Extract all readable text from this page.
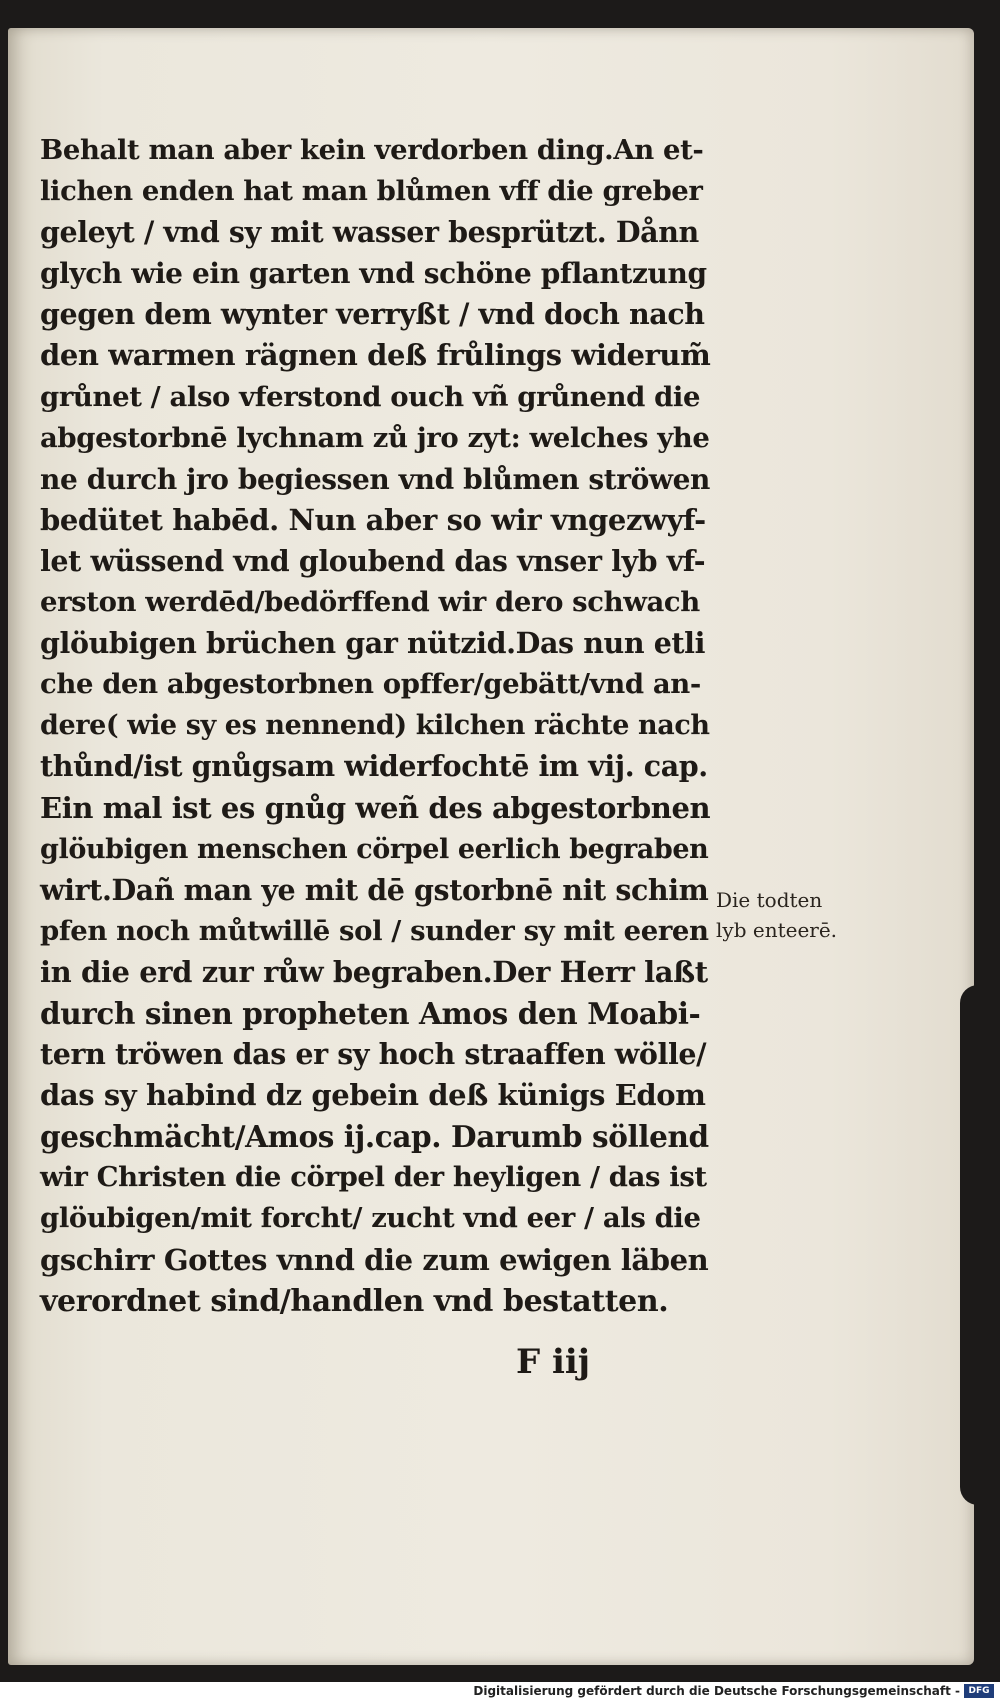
Behalt man aber kein verdorben ding.An et-
lichen enden hat man blůmen vff die greber
geleyt / vnd sy mit wasser besprützt. Dånn
glych wie ein garten vnd schöne pflantzung
gegen dem wynter verryßt / vnd doch nach
den warmen rägnen deß frůlings widerum̃
grůnet / also vferstond ouch vñ grůnend die
abgestorbnē lychnam zů jro zyt: welches yhe
ne durch jro begiessen vnd blůmen ströwen
bedütet habēd. Nun aber so wir vngezwyf-
let wüssend vnd gloubend das vnser lyb vf-
erston werdēd/bedörffend wir dero schwach
glöubigen brüchen gar nützid.Das nun etli
che den abgestorbnen opffer/gebätt/vnd an-
dere( wie sy es nennend) kilchen rächte nach
thůnd/ist gnůgsam widerfochtē im vij. cap.
Ein mal ist es gnůg weñ des abgestorbnen
glöubigen menschen cörpel eerlich begraben
wirt.Dañ man ye mit dē gstorbnē nit schim
pfen noch můtwillē sol / sunder sy mit eeren
in die erd zur růw begraben.Der Herr laßt
durch sinen propheten Amos den Moabi-
tern tröwen das er sy hoch straaffen wölle/
das sy habind dz gebein deß künigs Edom
geschmächt/Amos ij.cap. Darumb söllend
wir Christen die cörpel der heyligen / das ist
glöubigen/mit forcht/ zucht vnd eer / als die
gschirr Gottes vnnd die zum ewigen läben
verordnet sind/handlen vnd bestatten.
Die todten
lyb enteerē.
F iij
Digitalisierung gefördert durch die Deutsche Forschungsgemeinschaft - DFG
